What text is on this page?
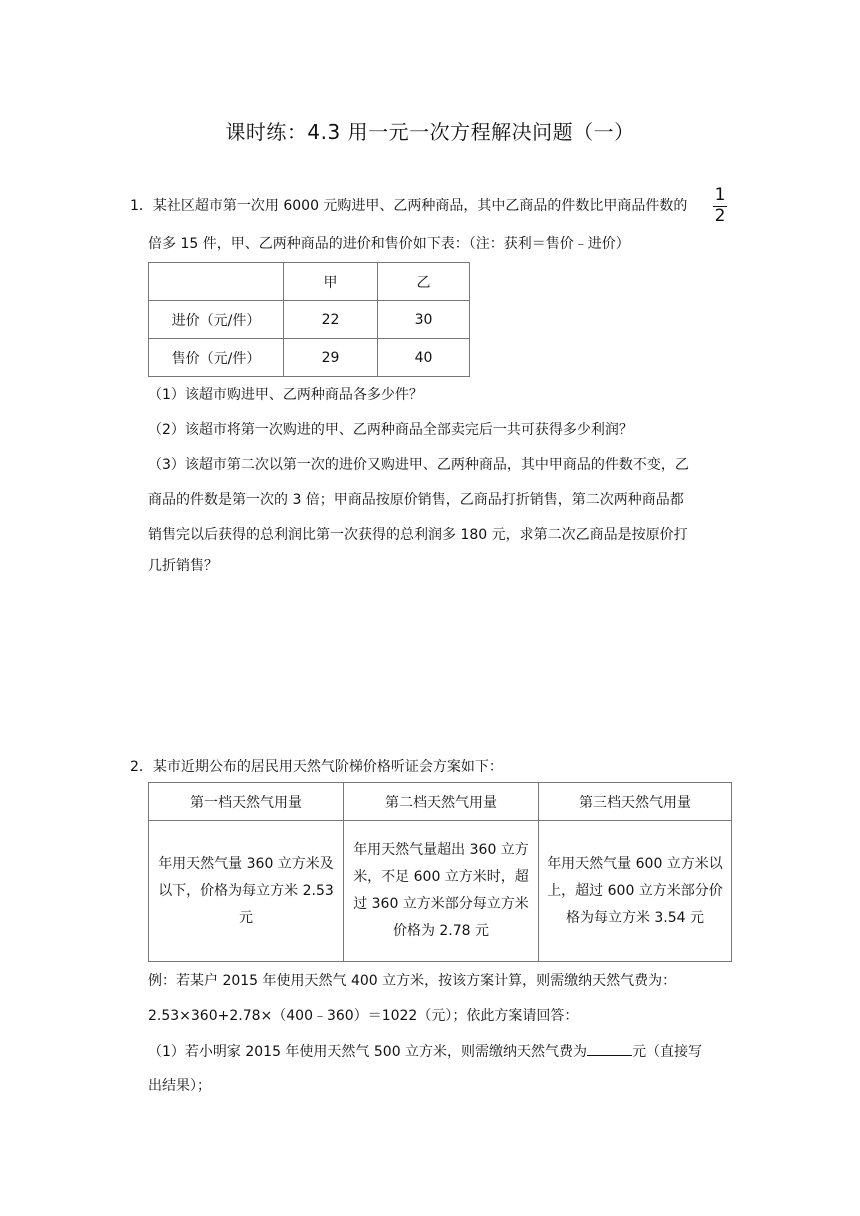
课时练：4.3 用一元一次方程解决问题（一）
1．某社区超市第一次用 6000 元购进甲、乙两种商品，其中乙商品的件数比甲商品件数的
1
2
倍多 15 件，甲、乙两种商品的进价和售价如下表：（注：获利＝售价﹣进价）
	甲	乙
进价（元/件）	22	30
售价（元/件）	29	40
（1）该超市购进甲、乙两种商品各多少件？
（2）该超市将第一次购进的甲、乙两种商品全部卖完后一共可获得多少利润？
（3）该超市第二次以第一次的进价又购进甲、乙两种商品，其中甲商品的件数不变，乙
商品的件数是第一次的 3 倍；甲商品按原价销售，乙商品打折销售，第二次两种商品都
销售完以后获得的总利润比第一次获得的总利润多 180 元，求第二次乙商品是按原价打
几折销售？
2．某市近期公布的居民用天然气阶梯价格听证会方案如下：
第一档天然气用量	第二档天然气用量	第三档天然气用量
年用天然气量 360 立方米及以下，价格为每立方米 2.53 元	年用天然气量超出 360 立方米，不足 600 立方米时，超过 360 立方米部分每立方米价格为 2.78 元	年用天然气量 600 立方米以上，超过 600 立方米部分价格为每立方米 3.54 元
例：若某户 2015 年使用天然气 400 立方米，按该方案计算，则需缴纳天然气费为：
2.53×360+2.78×（400﹣360）＝1022（元）；依此方案请回答：
（1）若小明家 2015 年使用天然气 500 立方米，则需缴纳天然气费为	元（直接写
出结果）；
